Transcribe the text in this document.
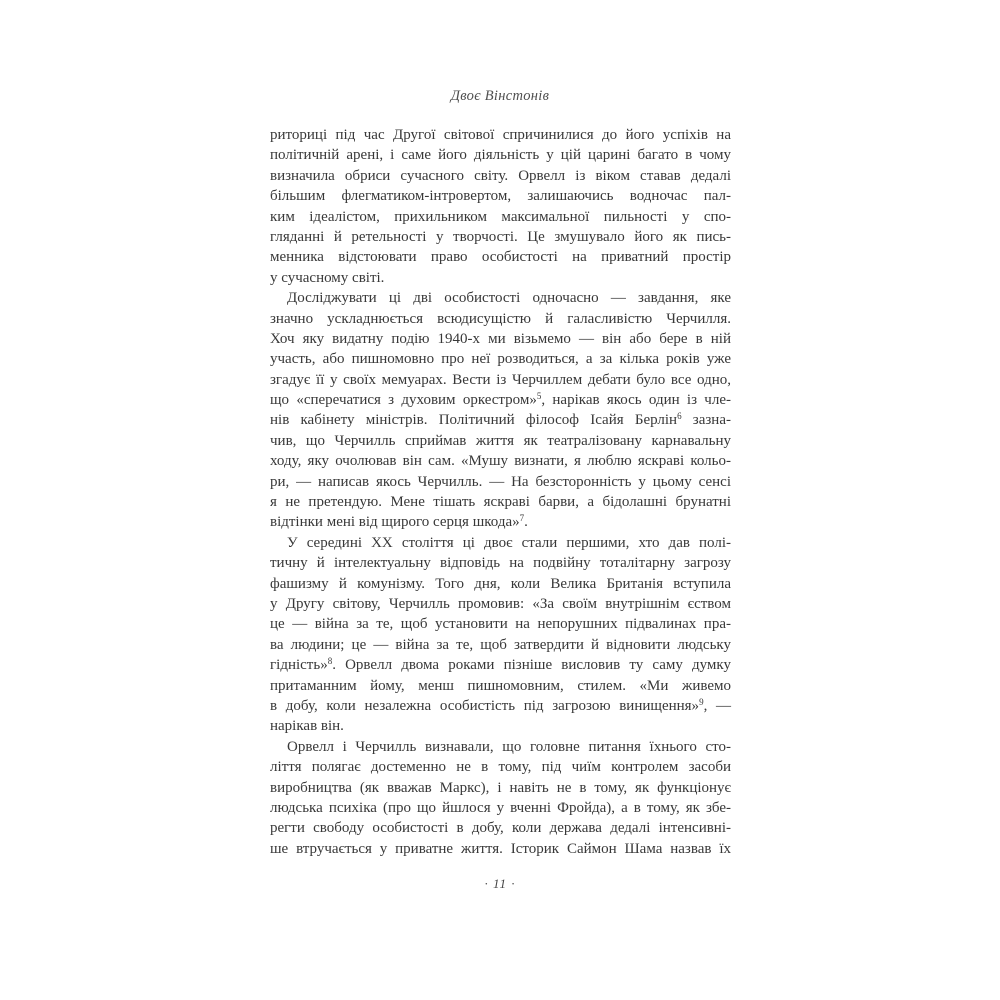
Двоє Вінстонів
риториці під час Другої світової спричинилися до його успіхів на
політичній арені, і саме його діяльність у цій царині багато в чому
визначила обриси сучасного світу. Орвелл із віком ставав дедалі
більшим флегматиком-інтровертом, залишаючись водночас пал-
ким ідеалістом, прихильником максимальної пильності у спо-
гляданні й ретельності у творчості. Це змушувало його як пись-
менника відстоювати право особистості на приватний простір
у сучасному світі.
Досліджувати ці дві особистості одночасно — завдання, яке
значно ускладнюється всюдисущістю й галасливістю Черчилля.
Хоч яку видатну подію 1940-х ми візьмемо — він або бере в ній
участь, або пишномовно про неї розводиться, а за кілька років уже
згадує її у своїх мемуарах. Вести із Черчиллем дебати було все одно,
що «сперечатися з духовим оркестром»$^5$, нарікав якось один із чле-
нів кабінету міністрів. Політичний філософ Ісайя Берлін$^6$ зазна-
чив, що Черчилль сприймав життя як театралізовану карнавальну
ходу, яку очолював він сам. «Мушу визнати, я люблю яскраві кольо-
ри, — написав якось Черчилль. — На безсторонність у цьому сенсі
я не претендую. Мене тішать яскраві барви, а бідолашні брунатні
відтінки мені від щирого серця шкода»$^7$.
У середині ХХ століття ці двоє стали першими, хто дав полі-
тичну й інтелектуальну відповідь на подвійну тоталітарну загрозу
фашизму й комунізму. Того дня, коли Велика Британія вступила
у Другу світову, Черчилль промовив: «За своїм внутрішнім єством
це — війна за те, щоб установити на непорушних підвалинах пра-
ва людини; це — війна за те, щоб затвердити й відновити людську
гідність»$^8$. Орвелл двома роками пізніше висловив ту саму думку
притаманним йому, менш пишномовним, стилем. «Ми живемо
в добу, коли незалежна особистість під загрозою винищення»$^9$, —
нарікав він.
Орвелл і Черчилль визнавали, що головне питання їхнього сто-
ліття полягає достеменно не в тому, під чиїм контролем засоби
виробництва (як вважав Маркс), і навіть не в тому, як функціонує
людська психіка (про що йшлося у вченні Фройда), а в тому, як збе-
регти свободу особистості в добу, коли держава дедалі інтенсивні-
ше втручається у приватне життя. Історик Саймон Шама назвав їх
· 11 ·
